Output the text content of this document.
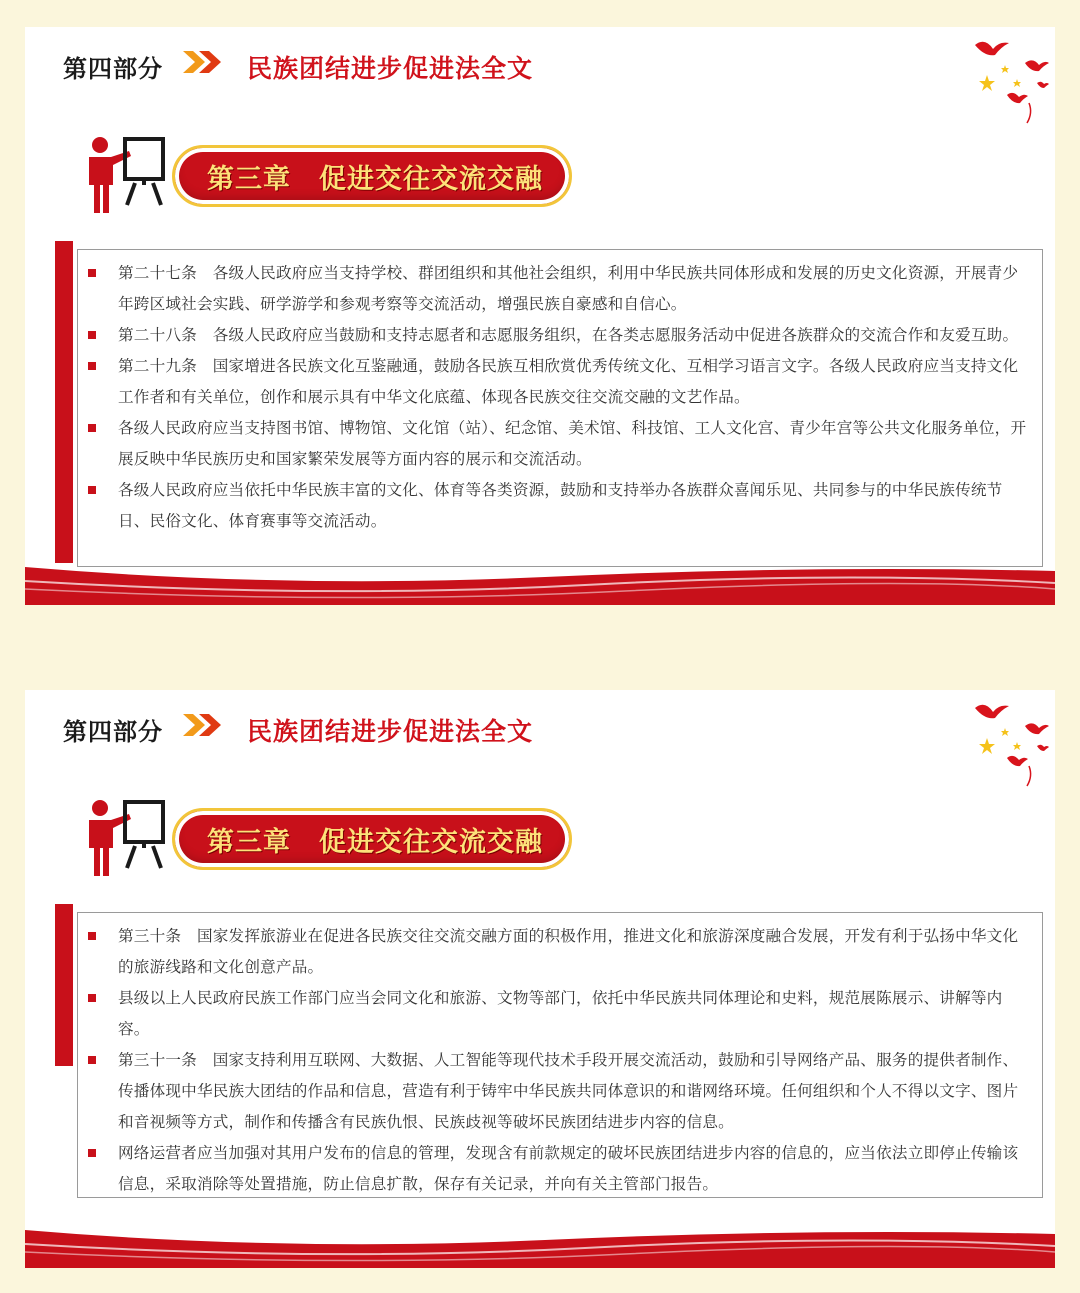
第四部分	民族团结进步促进法全文
第三章　促进交往交流交融
第二十七条　各级人民政府应当支持学校、群团组织和其他社会组织，利用中华民族共同体形成和发展的历史文化资源，开展青少年跨区域社会实践、研学游学和参观考察等交流活动，增强民族自豪感和自信心。
第二十八条　各级人民政府应当鼓励和支持志愿者和志愿服务组织，在各类志愿服务活动中促进各族群众的交流合作和友爱互助。
第二十九条　国家增进各民族文化互鉴融通，鼓励各民族互相欣赏优秀传统文化、互相学习语言文字。各级人民政府应当支持文化工作者和有关单位，创作和展示具有中华文化底蕴、体现各民族交往交流交融的文艺作品。
各级人民政府应当支持图书馆、博物馆、文化馆（站）、纪念馆、美术馆、科技馆、工人文化宫、青少年宫等公共文化服务单位，开展反映中华民族历史和国家繁荣发展等方面内容的展示和交流活动。
各级人民政府应当依托中华民族丰富的文化、体育等各类资源，鼓励和支持举办各族群众喜闻乐见、共同参与的中华民族传统节日、民俗文化、体育赛事等交流活动。
第四部分	民族团结进步促进法全文
第三章　促进交往交流交融
第三十条　国家发挥旅游业在促进各民族交往交流交融方面的积极作用，推进文化和旅游深度融合发展，开发有利于弘扬中华文化的旅游线路和文化创意产品。
县级以上人民政府民族工作部门应当会同文化和旅游、文物等部门，依托中华民族共同体理论和史料，规范展陈展示、讲解等内容。
第三十一条　国家支持利用互联网、大数据、人工智能等现代技术手段开展交流活动，鼓励和引导网络产品、服务的提供者制作、传播体现中华民族大团结的作品和信息，营造有利于铸牢中华民族共同体意识的和谐网络环境。任何组织和个人不得以文字、图片和音视频等方式，制作和传播含有民族仇恨、民族歧视等破坏民族团结进步内容的信息。
网络运营者应当加强对其用户发布的信息的管理，发现含有前款规定的破坏民族团结进步内容的信息的，应当依法立即停止传输该信息，采取消除等处置措施，防止信息扩散，保存有关记录，并向有关主管部门报告。
